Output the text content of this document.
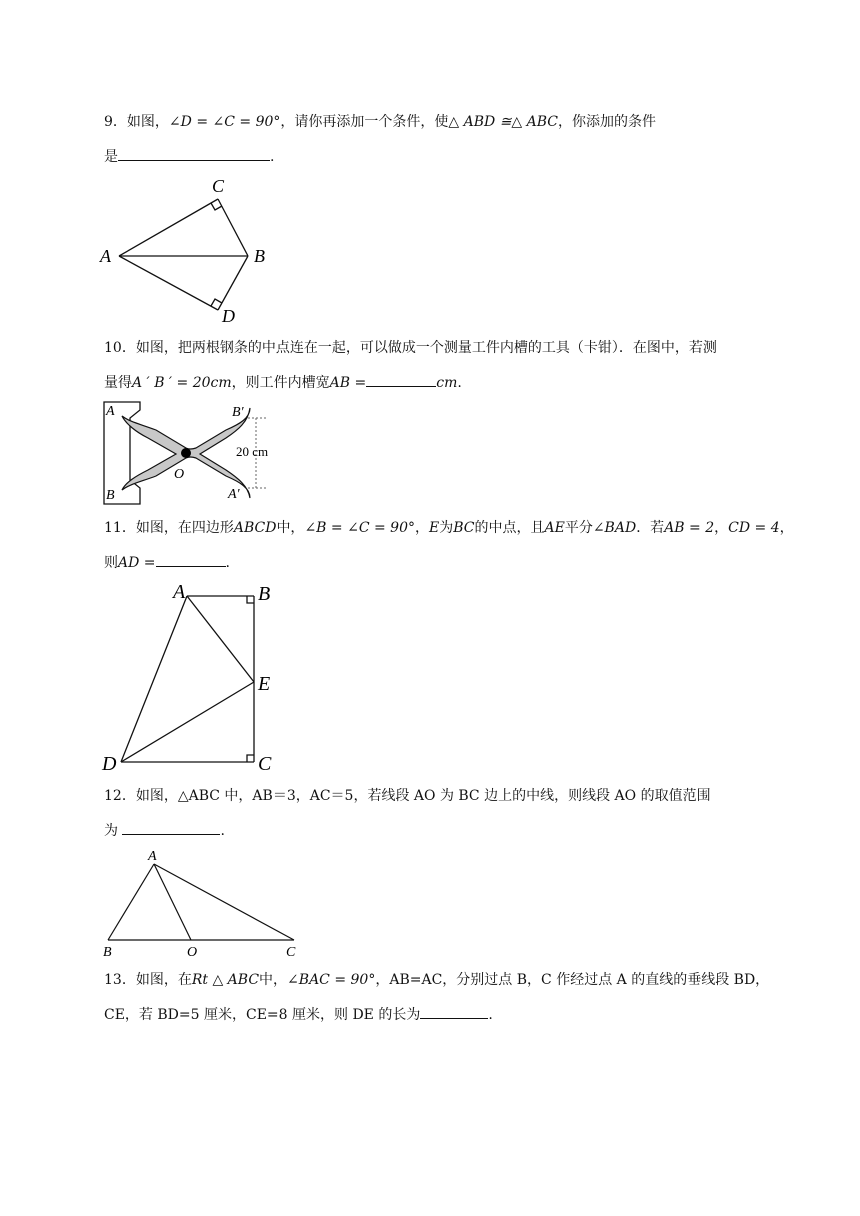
9．如图，∠D = ∠C = 90°，请你再添加一个条件，使△ ABD ≅△ ABC，你添加的条件
是	.
C
A	B
D
10．如图，把两根钢条的中点连在一起，可以做成一个测量工件内槽的工具（卡钳）．在图中，若测
量得A ′ B ′ = 20cm，则工件内槽宽AB =	cm.
A
B
B′
A′
O
20 cm
11．如图，在四边形ABCD中，∠B = ∠C = 90°，E为BC的中点，且AE平分∠BAD．若AB = 2，CD = 4，
则AD =	.
A	B
E
D	C
12．如图，△ABC 中，AB＝3，AC＝5，若线段 AO 为 BC 边上的中线，则线段 AO 的取值范围
为	.
A
B	O	C
13．如图，在Rt △ ABC中，∠BAC = 90°，AB=AC，分别过点 B，C 作经过点 A 的直线的垂线段 BD，
CE，若 BD=5 厘米，CE=8 厘米，则 DE 的长为	.
